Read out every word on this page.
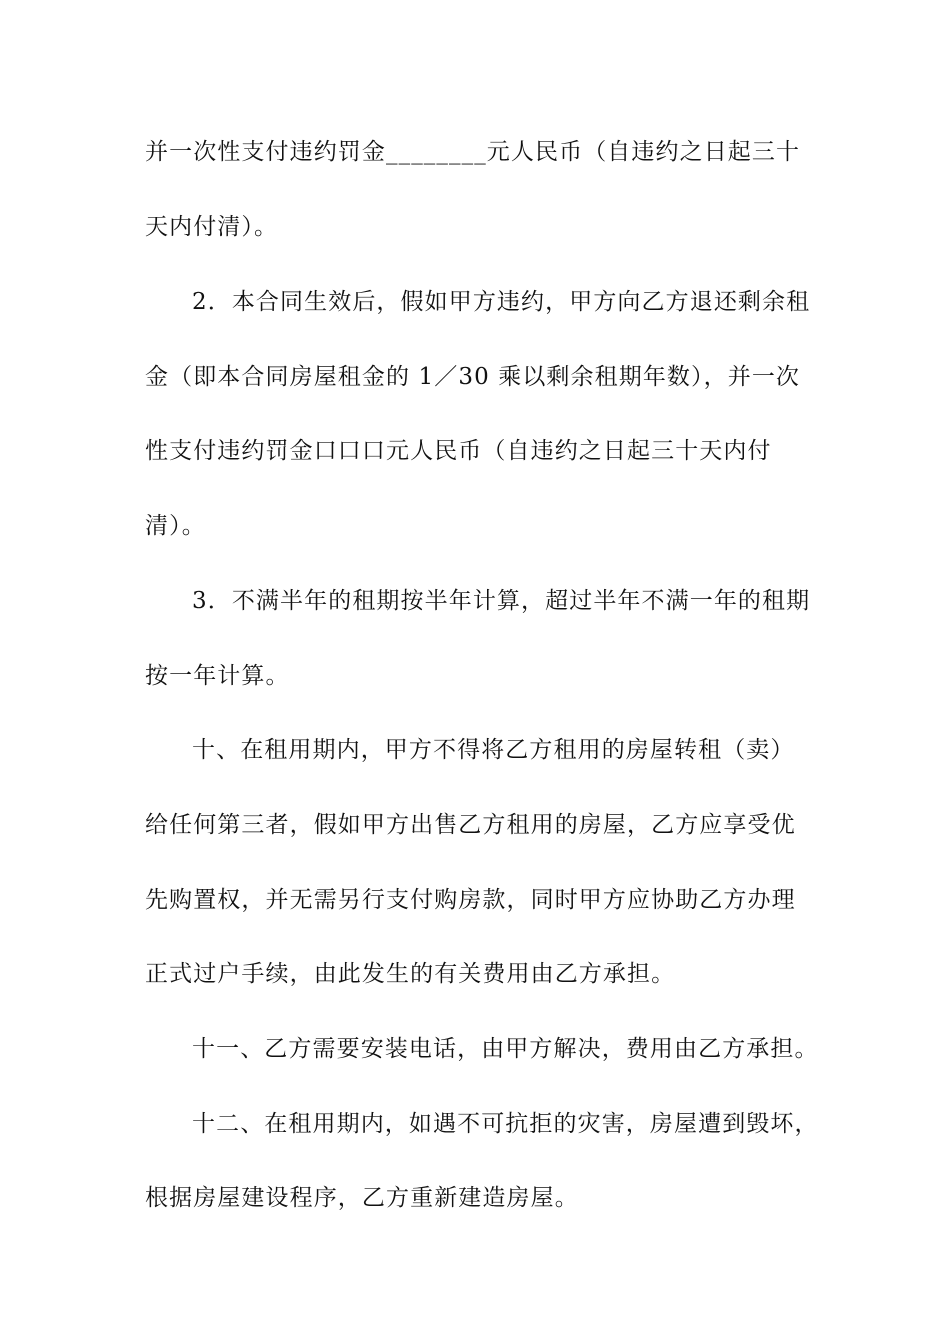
并一次性支付违约罚金________元人民币（自违约之日起三十
天内付清）。
2．本合同生效后，假如甲方违约，甲方向乙方退还剩余租
金（即本合同房屋租金的 1／30 乘以剩余租期年数），并一次
性支付违约罚金口口口元人民币（自违约之日起三十天内付
清）。
3．不满半年的租期按半年计算，超过半年不满一年的租期
按一年计算。
十、在租用期内，甲方不得将乙方租用的房屋转租（卖）
给任何第三者，假如甲方出售乙方租用的房屋，乙方应享受优
先购置权，并无需另行支付购房款，同时甲方应协助乙方办理
正式过户手续，由此发生的有关费用由乙方承担。
十一、乙方需要安装电话，由甲方解决，费用由乙方承担。
十二、在租用期内，如遇不可抗拒的灾害，房屋遭到毁坏，
根据房屋建设程序，乙方重新建造房屋。
